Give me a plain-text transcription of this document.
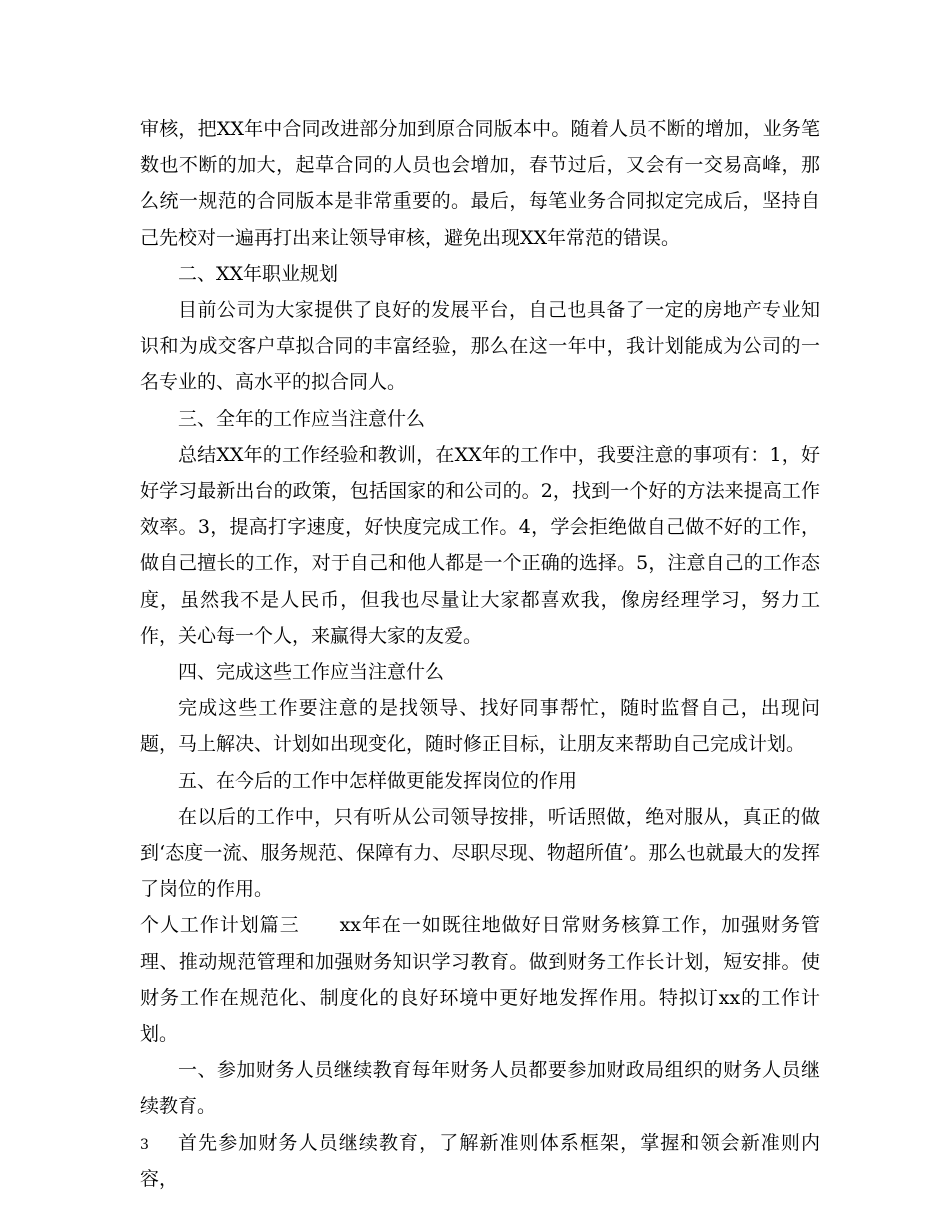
审核，把XX年中合同改进部分加到原合同版本中。随着人员不断的增加，业务笔数也不断的加大，起草合同的人员也会增加，春节过后，又会有一交易高峰，那么统一规范的合同版本是非常重要的。最后，每笔业务合同拟定完成后，坚持自己先校对一遍再打出来让领导审核，避免出现XX年常范的错误。

二、XX年职业规划

目前公司为大家提供了良好的发展平台，自己也具备了一定的房地产专业知识和为成交客户草拟合同的丰富经验，那么在这一年中，我计划能成为公司的一名专业的、高水平的拟合同人。

三、全年的工作应当注意什么

总结XX年的工作经验和教训，在XX年的工作中，我要注意的事项有：1，好好学习最新出台的政策，包括国家的和公司的。2，找到一个好的方法来提高工作效率。3，提高打字速度，好快度完成工作。4，学会拒绝做自己做不好的工作，做自己擅长的工作，对于自己和他人都是一个正确的选择。5，注意自己的工作态度，虽然我不是人民币，但我也尽量让大家都喜欢我，像房经理学习，努力工作，关心每一个人，来赢得大家的友爱。

四、完成这些工作应当注意什么

完成这些工作要注意的是找领导、找好同事帮忙，随时监督自己，出现问题，马上解决、计划如出现变化，随时修正目标，让朋友来帮助自己完成计划。

五、在今后的工作中怎样做更能发挥岗位的作用

在以后的工作中，只有听从公司领导按排，听话照做，绝对服从，真正的做到‘态度一流、服务规范、保障有力、尽职尽现、物超所值’。那么也就最大的发挥了岗位的作用。

个人工作计划篇三　　xx年在一如既往地做好日常财务核算工作，加强财务管理、推动规范管理和加强财务知识学习教育。做到财务工作长计划，短安排。使财务工作在规范化、制度化的良好环境中更好地发挥作用。特拟订xx的工作计划。

一、参加财务人员继续教育每年财务人员都要参加财政局组织的财务人员继续教育。

首先参加财务人员继续教育，了解新准则体系框架，掌握和领会新准则内容，

3
